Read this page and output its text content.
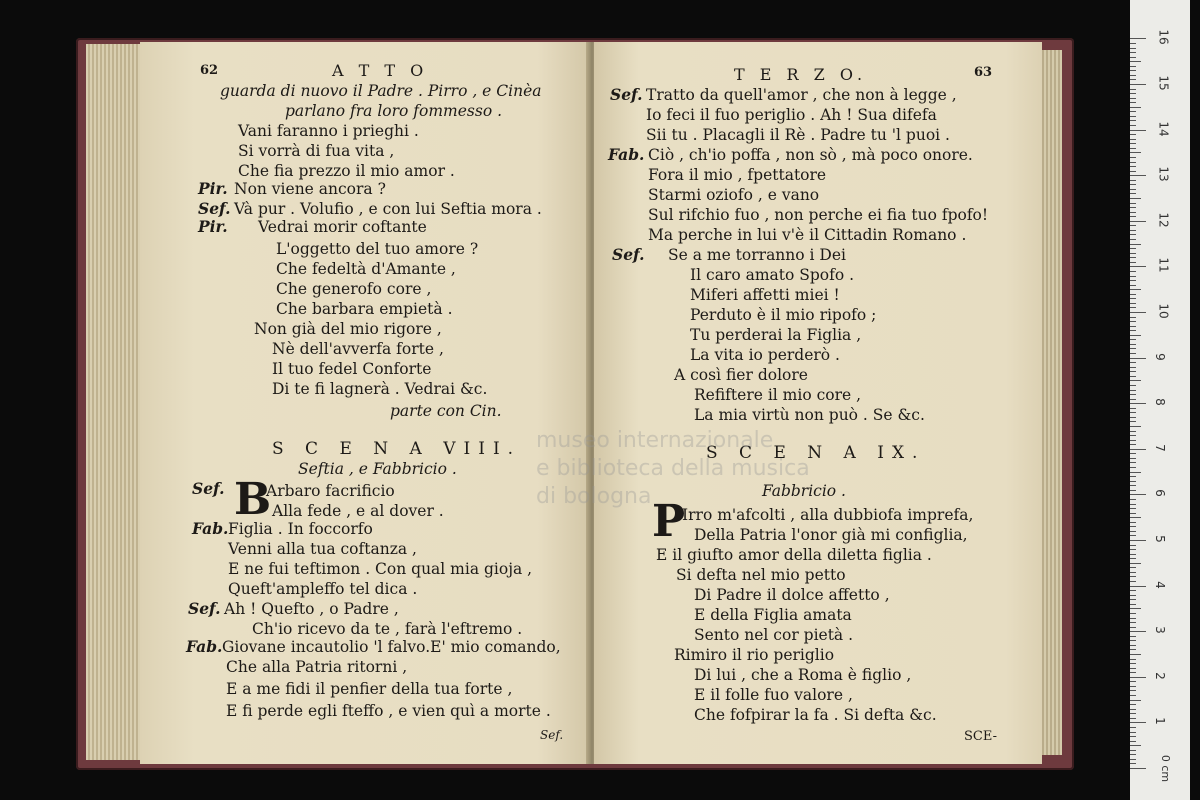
62	A T T O
guarda di nuovo il Padre . Pirro , e Cinèa
parlano fra loro fommesso .
Vani faranno i prieghi .
Si vorrà di fua vita ,
Che fia prezzo il mio amor .
Pir. Non viene ancora ?
Sef. Và pur . Volufio , e con lui Seftia mora .
Pir. Vedrai morir coftante
L'oggetto del tuo amore ?
Che fedeltà d'Amante ,
Che generofo core ,
Che barbara empietà .
Non già del mio rigore ,
Nè dell'avverfa forte ,
Il tuo fedel Conforte
Di te fi lagnerà . Vedrai &c.
parte con Cin.
S C E N A VIII.
Seftia , e Fabbricio .
Sef. B
Arbaro facrificio
Alla fede , e al dover .
Fab. Figlia . In foccorfo
Venni alla tua coftanza ,
E ne fui teftimon . Con qual mia gioja ,
Queft'ampleffo tel dica .
Sef. Ah ! Quefto , o Padre ,
Ch'io ricevo da te , farà l'eftremo .
Fab. Giovane incautolio 'l falvo.E' mio comando,
Che alla Patria ritorni ,
E a me fidi il penfier della tua forte ,
E fi perde egli fteffo , e vien quì a morte .
Sef.
T E R Z O.	63
Sef. Tratto da quell'amor , che non à legge ,
Io feci il fuo periglio . Ah ! Sua difefa
Sii tu . Placagli il Rè . Padre tu 'l puoi .
Fab. Ciò , ch'io poffa , non sò , mà poco onore.
Fora il mio , fpettatore
Starmi oziofo , e vano
Sul rifchio fuo , non perche ei fia tuo fpofo!
Ma perche in lui v'è il Cittadin Romano .
Sef. Se a me torranno i Dei
Il caro amato Spofo .
Miferi affetti miei !
Perduto è il mio ripofo ;
Tu perderai la Figlia ,
La vita io perderò .
A così fier dolore
Refiftere il mio core ,
La mia virtù non può . Se &c.
S C E N A IX.
Fabbricio .
P
Irro m'afcolti , alla dubbiofa imprefa,
Della Patria l'onor già mi configlia,
E il giufto amor della diletta figlia .
Si defta nel mio petto
Di Padre il dolce affetto ,
E della Figlia amata
Sento nel cor pietà .
Rimiro il rio periglio
Di lui , che a Roma è figlio ,
E il folle fuo valore ,
Che fofpirar la fa . Si defta &c.
SCE-
museo internazionale
e biblioteca della musica
di bologna
0 cm
1
2
3
4
5
6
7
8
9
10
11
12
13
14
15
16
